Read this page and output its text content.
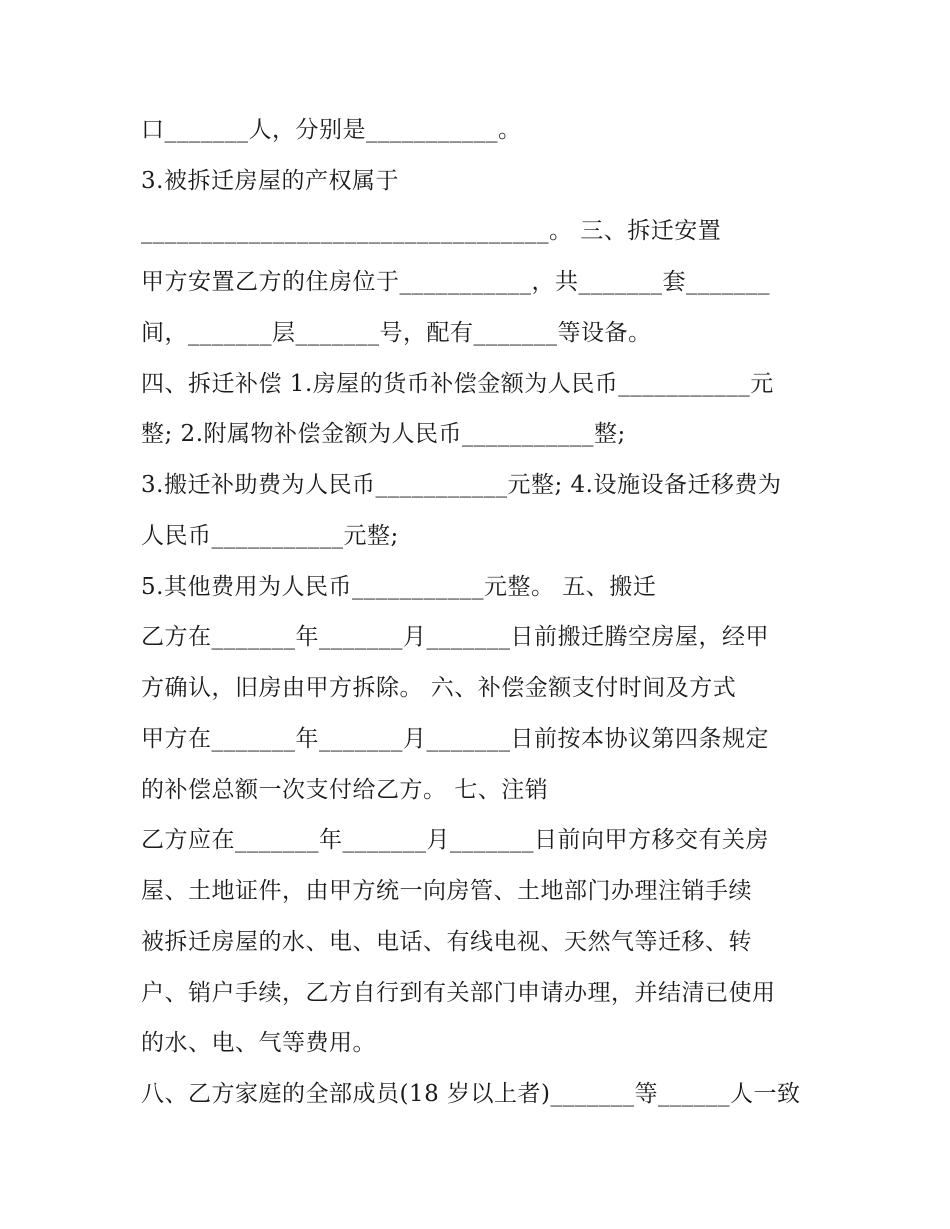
口_______人，分别是___________。
3.被拆迁房屋的产权属于
__________________________________。 三、拆迁安置
甲方安置乙方的住房位于___________，共_______套_______
间，_______层_______号，配有_______等设备。
四、拆迁补偿 1.房屋的货币补偿金额为人民币___________元
整; 2.附属物补偿金额为人民币___________整;
3.搬迁补助费为人民币___________元整; 4.设施设备迁移费为
人民币___________元整;
5.其他费用为人民币___________元整。 五、搬迁
乙方在_______年_______月_______日前搬迁腾空房屋，经甲
方确认，旧房由甲方拆除。 六、补偿金额支付时间及方式
甲方在_______年_______月_______日前按本协议第四条规定
的补偿总额一次支付给乙方。 七、注销
乙方应在_______年_______月_______日前向甲方移交有关房
屋、土地证件，由甲方统一向房管、土地部门办理注销手续
被拆迁房屋的水、电、电话、有线电视、天然气等迁移、转
户、销户手续，乙方自行到有关部门申请办理，并结清已使用
的水、电、气等费用。
八、乙方家庭的全部成员(18 岁以上者)_______等______人一致
